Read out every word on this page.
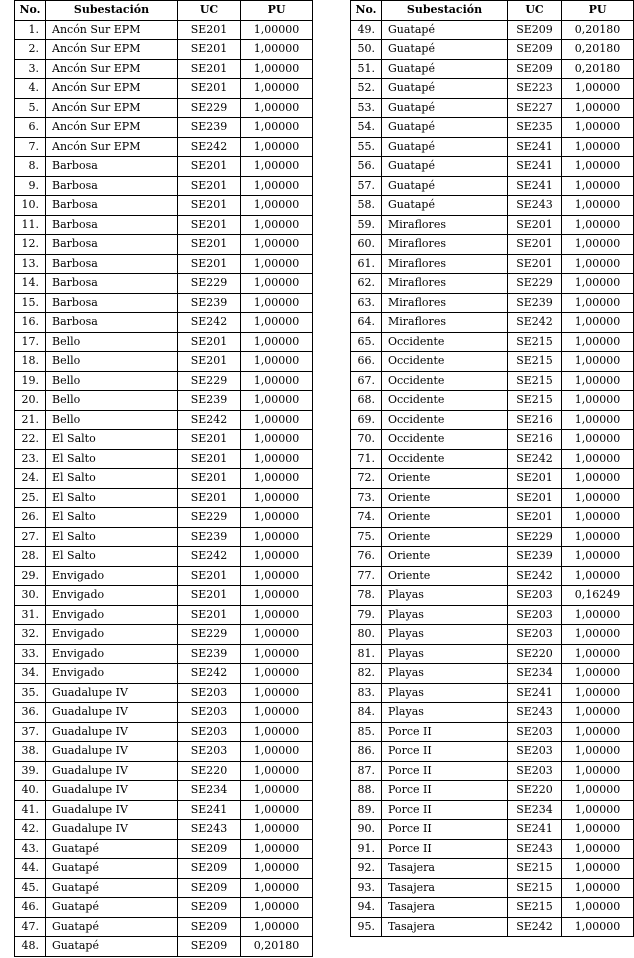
No.	Subestación	UC	PU
1.	Ancón Sur EPM	SE201	1,00000
2.	Ancón Sur EPM	SE201	1,00000
3.	Ancón Sur EPM	SE201	1,00000
4.	Ancón Sur EPM	SE201	1,00000
5.	Ancón Sur EPM	SE229	1,00000
6.	Ancón Sur EPM	SE239	1,00000
7.	Ancón Sur EPM	SE242	1,00000
8.	Barbosa	SE201	1,00000
9.	Barbosa	SE201	1,00000
10.	Barbosa	SE201	1,00000
11.	Barbosa	SE201	1,00000
12.	Barbosa	SE201	1,00000
13.	Barbosa	SE201	1,00000
14.	Barbosa	SE229	1,00000
15.	Barbosa	SE239	1,00000
16.	Barbosa	SE242	1,00000
17.	Bello	SE201	1,00000
18.	Bello	SE201	1,00000
19.	Bello	SE229	1,00000
20.	Bello	SE239	1,00000
21.	Bello	SE242	1,00000
22.	El Salto	SE201	1,00000
23.	El Salto	SE201	1,00000
24.	El Salto	SE201	1,00000
25.	El Salto	SE201	1,00000
26.	El Salto	SE229	1,00000
27.	El Salto	SE239	1,00000
28.	El Salto	SE242	1,00000
29.	Envigado	SE201	1,00000
30.	Envigado	SE201	1,00000
31.	Envigado	SE201	1,00000
32.	Envigado	SE229	1,00000
33.	Envigado	SE239	1,00000
34.	Envigado	SE242	1,00000
35.	Guadalupe IV	SE203	1,00000
36.	Guadalupe IV	SE203	1,00000
37.	Guadalupe IV	SE203	1,00000
38.	Guadalupe IV	SE203	1,00000
39.	Guadalupe IV	SE220	1,00000
40.	Guadalupe IV	SE234	1,00000
41.	Guadalupe IV	SE241	1,00000
42.	Guadalupe IV	SE243	1,00000
43.	Guatapé	SE209	1,00000
44.	Guatapé	SE209	1,00000
45.	Guatapé	SE209	1,00000
46.	Guatapé	SE209	1,00000
47.	Guatapé	SE209	1,00000
48.	Guatapé	SE209	0,20180
No.	Subestación	UC	PU
49.	Guatapé	SE209	0,20180
50.	Guatapé	SE209	0,20180
51.	Guatapé	SE209	0,20180
52.	Guatapé	SE223	1,00000
53.	Guatapé	SE227	1,00000
54.	Guatapé	SE235	1,00000
55.	Guatapé	SE241	1,00000
56.	Guatapé	SE241	1,00000
57.	Guatapé	SE241	1,00000
58.	Guatapé	SE243	1,00000
59.	Miraflores	SE201	1,00000
60.	Miraflores	SE201	1,00000
61.	Miraflores	SE201	1,00000
62.	Miraflores	SE229	1,00000
63.	Miraflores	SE239	1,00000
64.	Miraflores	SE242	1,00000
65.	Occidente	SE215	1,00000
66.	Occidente	SE215	1,00000
67.	Occidente	SE215	1,00000
68.	Occidente	SE215	1,00000
69.	Occidente	SE216	1,00000
70.	Occidente	SE216	1,00000
71.	Occidente	SE242	1,00000
72.	Oriente	SE201	1,00000
73.	Oriente	SE201	1,00000
74.	Oriente	SE201	1,00000
75.	Oriente	SE229	1,00000
76.	Oriente	SE239	1,00000
77.	Oriente	SE242	1,00000
78.	Playas	SE203	0,16249
79.	Playas	SE203	1,00000
80.	Playas	SE203	1,00000
81.	Playas	SE220	1,00000
82.	Playas	SE234	1,00000
83.	Playas	SE241	1,00000
84.	Playas	SE243	1,00000
85.	Porce II	SE203	1,00000
86.	Porce II	SE203	1,00000
87.	Porce II	SE203	1,00000
88.	Porce II	SE220	1,00000
89.	Porce II	SE234	1,00000
90.	Porce II	SE241	1,00000
91.	Porce II	SE243	1,00000
92.	Tasajera	SE215	1,00000
93.	Tasajera	SE215	1,00000
94.	Tasajera	SE215	1,00000
95.	Tasajera	SE242	1,00000
